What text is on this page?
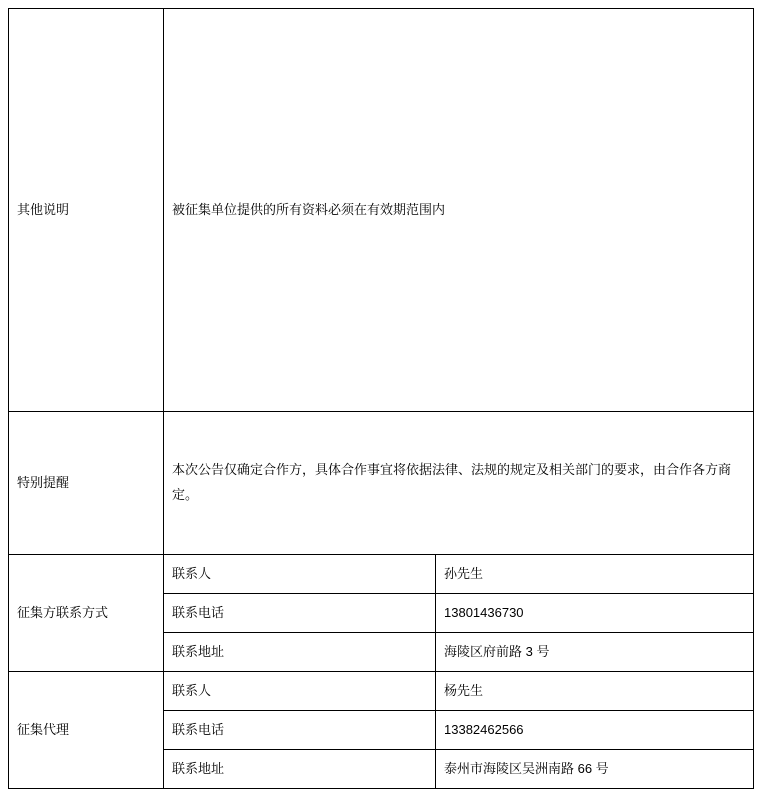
其他说明	被征集单位提供的所有资料必须在有效期范围内	

特别提醒	本次公告仅确定合作方，具体合作事宜将依据法律、法规的规定及相关部门的要求，由合作各方商定。	

征集方联系方式	联系人	孙先生
	联系电话	13801436730
	联系地址	海陵区府前路 3 号
征集代理	联系人	杨先生
	联系电话	13382462566
	联系地址	泰州市海陵区吴洲南路 66 号
